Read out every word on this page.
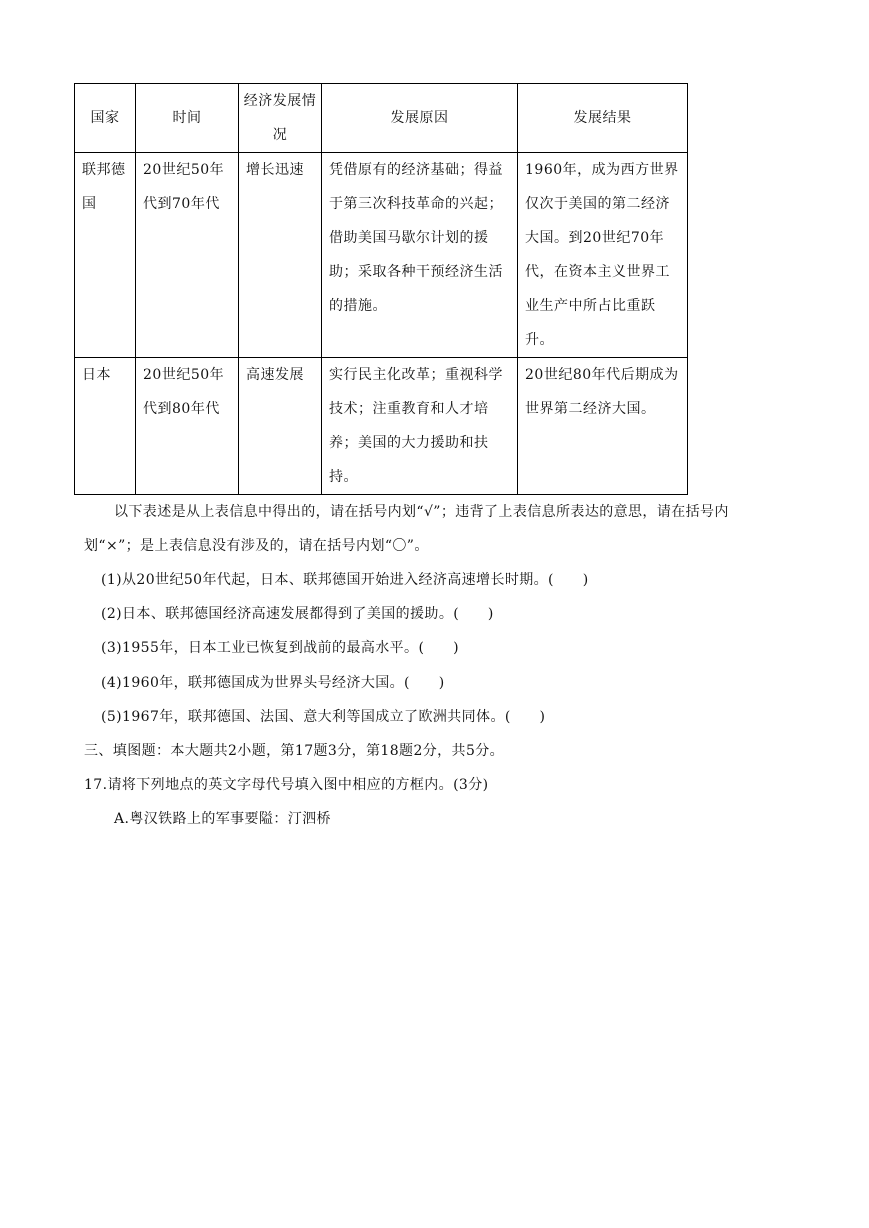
国家	时间	经济发展情况	发展原因	发展结果
联邦德国	20世纪50年代到70年代	增长迅速	凭借原有的经济基础；得益于第三次科技革命的兴起；借助美国马歇尔计划的援助；采取各种干预经济生活的措施。	1960年，成为西方世界仅次于美国的第二经济大国。到20世纪70年代，在资本主义世界工业生产中所占比重跃升。
日本	20世纪50年代到80年代	高速发展	实行民主化改革；重视科学技术；注重教育和人才培养；美国的大力援助和扶持。	20世纪80年代后期成为世界第二经济大国。
以下表述是从上表信息中得出的，请在括号内划“√”；违背了上表信息所表达的意思，请在括号内
划“×”；是上表信息没有涉及的，请在括号内划“〇”。
(1)从20世纪50年代起，日本、联邦德国开始进入经济高速增长时期。(　　)
(2)日本、联邦德国经济高速发展都得到了美国的援助。(　　)
(3)1955年，日本工业已恢复到战前的最高水平。(　　)
(4)1960年，联邦德国成为世界头号经济大国。(　　)
(5)1967年，联邦德国、法国、意大利等国成立了欧洲共同体。(　　)
三、填图题：本大题共2小题，第17题3分，第18题2分，共5分。
17.请将下列地点的英文字母代号填入图中相应的方框内。(3分)
A.粤汉铁路上的军事要隘：汀泗桥
